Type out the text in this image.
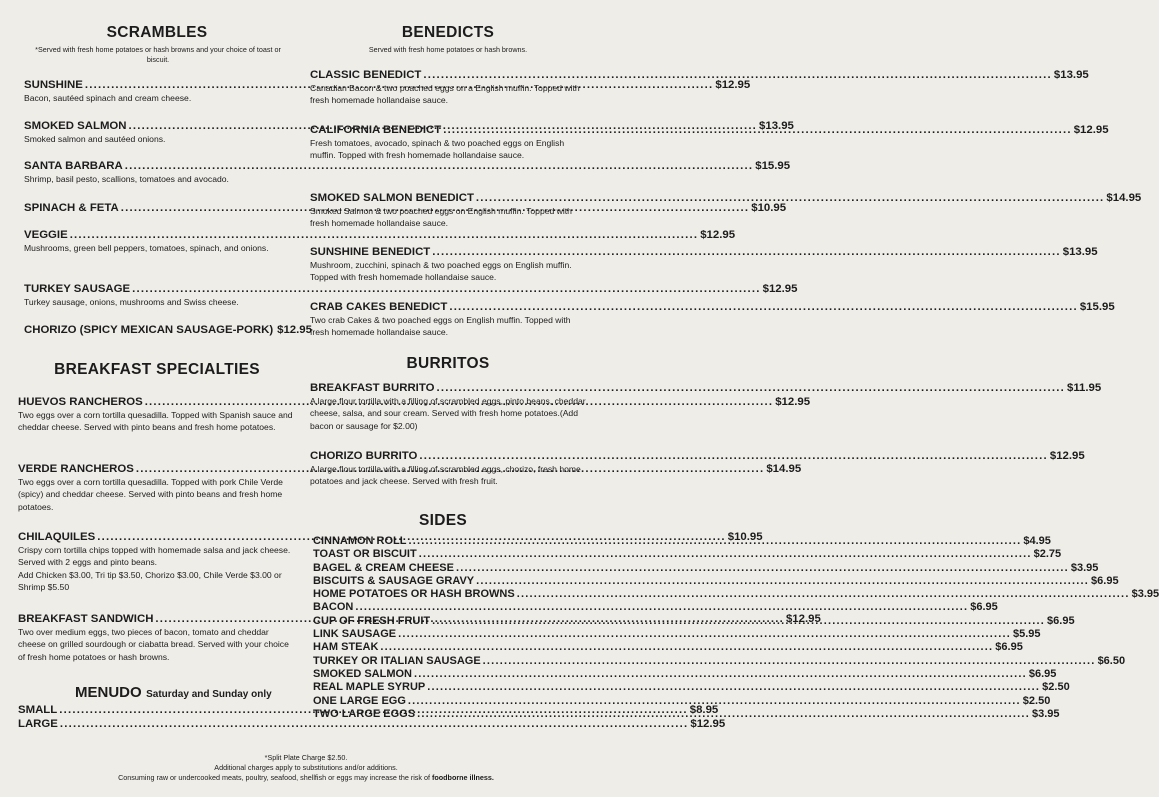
SCRAMBLES
*Served with fresh home potatoes or hash browns and your choice of toast or biscuit.
SUNSHINE .....	$12.95
Bacon, sautéed spinach and cream cheese.
SMOKED SALMON .....	$13.95
Smoked salmon and sautéed onions.
SANTA BARBARA .....	$15.95
Shrimp, basil pesto, scallions, tomatoes and avocado.
SPINACH & FETA .....	$10.95
VEGGIE .....	$12.95
Mushrooms, green bell peppers, tomatoes, spinach, and onions.
TURKEY SAUSAGE .....	$12.95
Turkey sausage, onions, mushrooms and Swiss cheese.
CHORIZO (SPICY MEXICAN SAUSAGE-PORK) $12.95
BREAKFAST SPECIALTIES
HUEVOS RANCHEROS .....	$12.95
Two eggs over a corn tortilla quesadilla. Topped with Spanish sauce and cheddar cheese. Served with pinto beans and fresh home potatoes.
VERDE RANCHEROS .....	$14.95
Two eggs over a corn tortilla quesadilla. Topped with pork Chile Verde (spicy) and cheddar cheese. Served with pinto beans and fresh home potatoes.
CHILAQUILES .....	$10.95
Crispy corn tortilla chips topped with homemade salsa and jack cheese. Served with 2 eggs and pinto beans.
Add Chicken $3.00, Tri tip $3.50, Chorizo $3.00, Chile Verde $3.00 or Shrimp $5.50
BREAKFAST SANDWICH .....	$12.95
Two over medium eggs, two pieces of bacon, tomato and cheddar cheese on grilled sourdough or ciabatta bread. Served with your choice of fresh home potatoes or hash browns.
MENUDO Saturday and Sunday only
SMALL .....	$8.95
LARGE .....	$12.95
BENEDICTS
Served with fresh home potatoes or hash browns.
CLASSIC BENEDICT .....	$13.95
Canadian Bacon & two poached eggs on a English muffin. Topped with fresh homemade hollandaise sauce.
CALIFORNIA BENEDICT .....	$12.95
Fresh tomatoes, avocado, spinach & two poached eggs on English muffin. Topped with fresh homemade hollandaise sauce.
SMOKED SALMON BENEDICT .....	$14.95
Smoked Salmon & two poached eggs on English muffin. Topped with fresh homemade hollandaise sauce.
SUNSHINE BENEDICT .....	$13.95
Mushroom, zucchini, spinach & two poached eggs on English muffin. Topped with fresh homemade hollandaise sauce.
CRAB CAKES BENEDICT .....	$15.95
Two crab Cakes & two poached eggs on English muffin. Topped with fresh homemade hollandaise sauce.
BURRITOS
BREAKFAST BURRITO .....	$11.95
A large flour tortilla with a filling of scrambled eggs, pinto beans, cheddar cheese, salsa, and sour cream. Served with fresh home potatoes.(Add bacon or sausage for $2.00)
CHORIZO BURRITO .....	$12.95
A large flour tortilla with a filling of scrambled eggs, chorizo, fresh home potatoes and jack cheese. Served with fresh fruit.
SIDES
CINNAMON ROLL .....	$4.95
TOAST OR BISCUIT .....	$2.75
BAGEL & CREAM CHEESE .....	$3.95
BISCUITS & SAUSAGE GRAVY .....	$6.95
HOME POTATOES OR HASH BROWNS .....	$3.95
BACON .....	$6.95
CUP OF FRESH FRUIT .....	$6.95
LINK SAUSAGE .....	$5.95
HAM STEAK .....	$6.95
TURKEY OR ITALIAN SAUSAGE .....	$6.50
SMOKED SALMON .....	$6.95
REAL MAPLE SYRUP .....	$2.50
ONE LARGE EGG .....	$2.50
TWO LARGE EGGS .....	$3.95
*Split Plate Charge $2.50.
Additional charges apply to substitutions and/or additions.
Consuming raw or undercooked meats, poultry, seafood, shellfish or eggs may increase the risk of foodborne illness.
